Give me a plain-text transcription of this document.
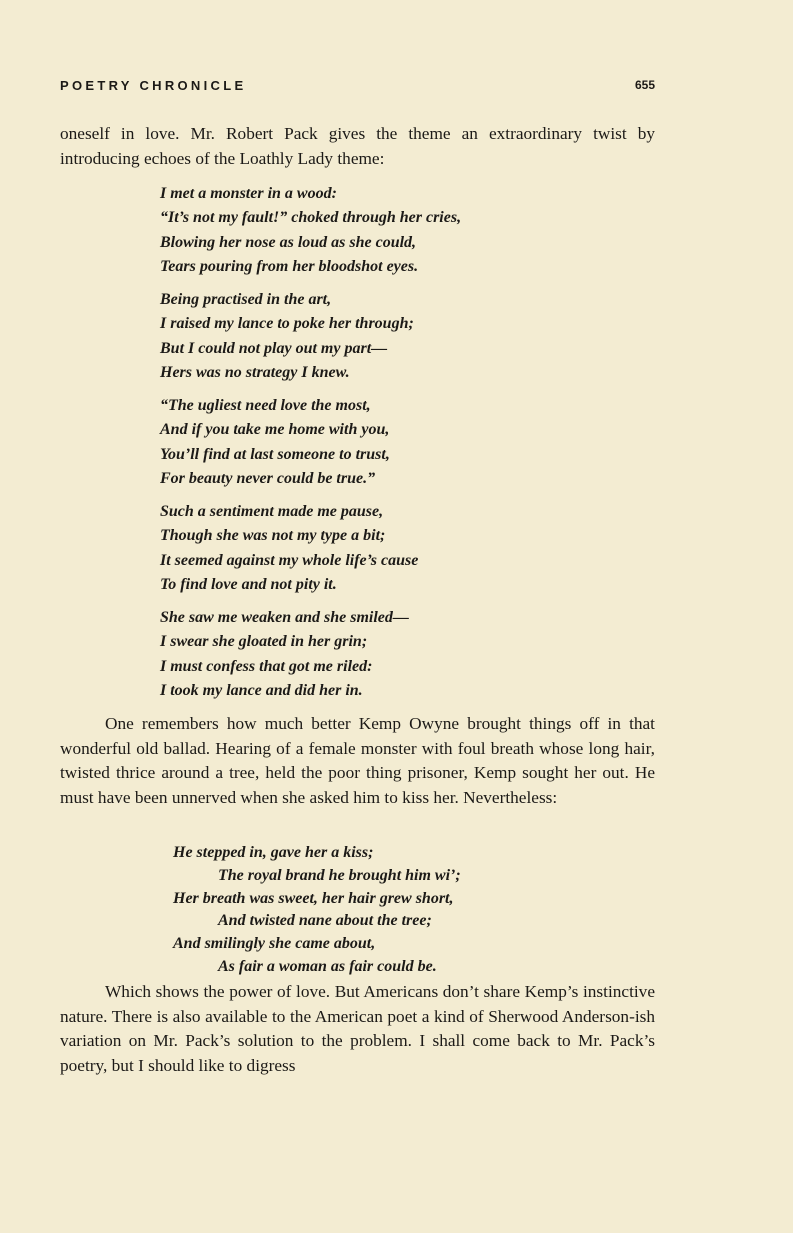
POETRY CHRONICLE	655

oneself in love. Mr. Robert Pack gives the theme an extraordinary twist by introducing echoes of the Loathly Lady theme:

I met a monster in a wood:
“It’s not my fault!” choked through her cries,
Blowing her nose as loud as she could,
Tears pouring from her bloodshot eyes.
Being practised in the art,
I raised my lance to poke her through;
But I could not play out my part—
Hers was no strategy I knew.
“The ugliest need love the most,
And if you take me home with you,
You’ll find at last someone to trust,
For beauty never could be true.”
Such a sentiment made me pause,
Though she was not my type a bit;
It seemed against my whole life’s cause
To find love and not pity it.
She saw me weaken and she smiled—
I swear she gloated in her grin;
I must confess that got me riled:
I took my lance and did her in.

One remembers how much better Kemp Owyne brought things off in that wonderful old ballad. Hearing of a female monster with foul breath whose long hair, twisted thrice around a tree, held the poor thing prisoner, Kemp sought her out. He must have been unnerved when she asked him to kiss her. Nevertheless:

He stepped in, gave her a kiss;
The royal brand he brought him wi’;
Her breath was sweet, her hair grew short,
And twisted nane about the tree;
And smilingly she came about,
As fair a woman as fair could be.

Which shows the power of love. But Americans don’t share Kemp’s instinctive nature. There is also available to the American poet a kind of Sherwood Anderson-ish variation on Mr. Pack’s solution to the problem. I shall come back to Mr. Pack’s poetry, but I should like to digress
